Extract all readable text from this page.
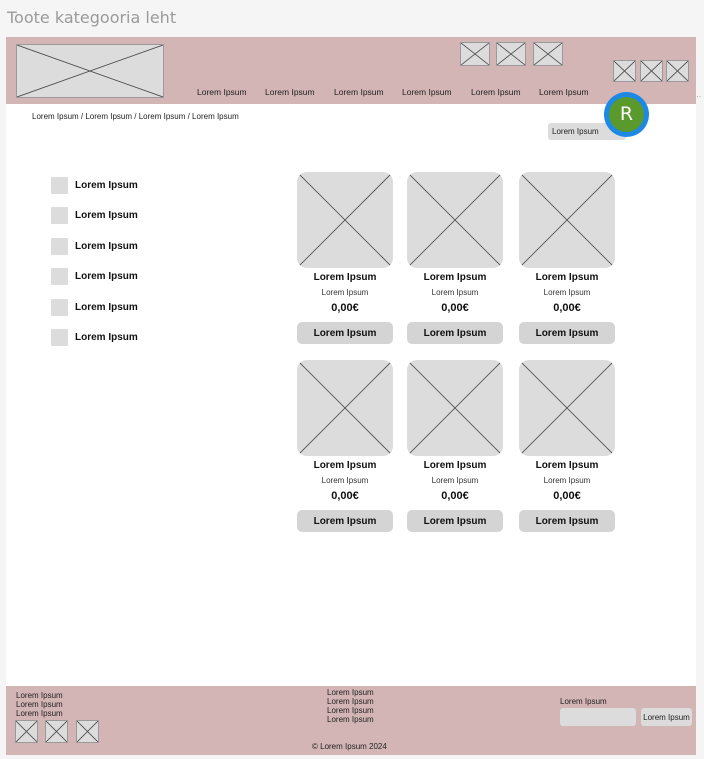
Toote kategooria leht
Lorem Ipsum Lorem Ipsum Lorem Ipsum Lorem Ipsum Lorem Ipsum Lorem Ipsum
Lorem Ipsum / Lorem Ipsum / Lorem Ipsum / Lorem Ipsum
Lorem Ipsum
R
Lorem Ipsum
Lorem Ipsum
Lorem Ipsum
Lorem Ipsum
Lorem Ipsum
Lorem Ipsum
Lorem Ipsum
Lorem Ipsum
0,00€
Lorem Ipsum
Lorem Ipsum
Lorem Ipsum
0,00€
Lorem Ipsum
Lorem Ipsum
Lorem Ipsum
0,00€
Lorem Ipsum
Lorem Ipsum
Lorem Ipsum
0,00€
Lorem Ipsum
Lorem Ipsum
Lorem Ipsum
0,00€
Lorem Ipsum
Lorem Ipsum
Lorem Ipsum
0,00€
Lorem Ipsum
Lorem Ipsum
Lorem Ipsum
Lorem Ipsum
Lorem Ipsum
Lorem Ipsum
Lorem Ipsum
Lorem Ipsum
© Lorem Ipsum 2024
Lorem Ipsum
Lorem Ipsum
··
